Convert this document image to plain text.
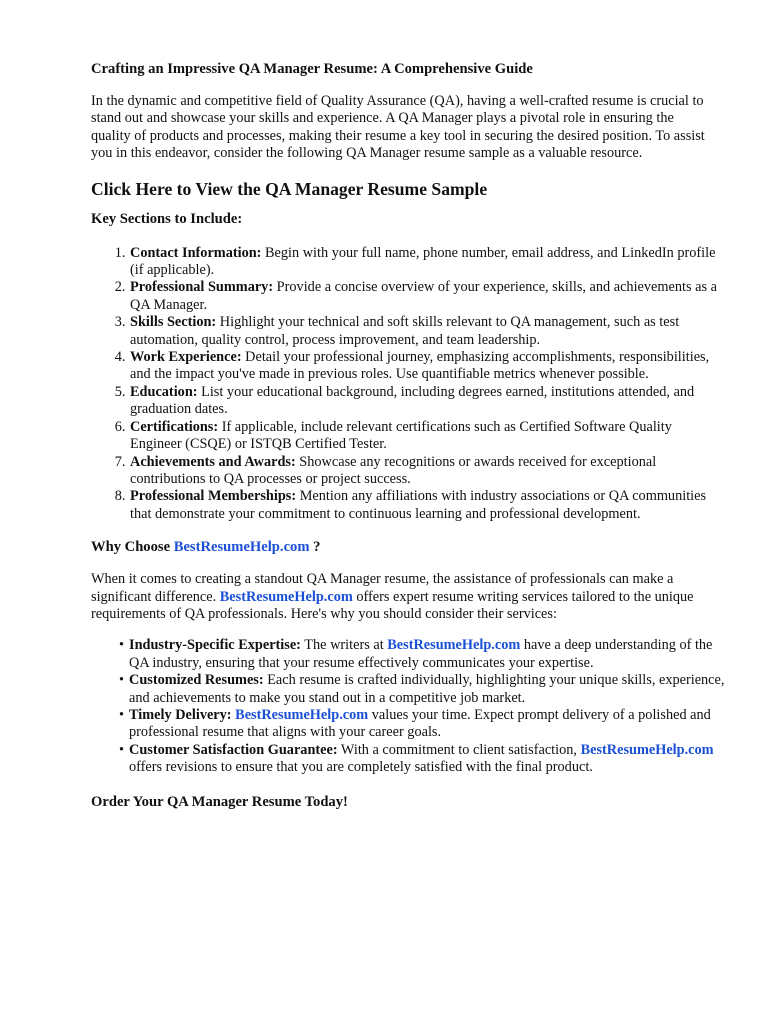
Crafting an Impressive QA Manager Resume: A Comprehensive Guide

In the dynamic and competitive field of Quality Assurance (QA), having a well-crafted resume is crucial to stand out and showcase your skills and experience. A QA Manager plays a pivotal role in ensuring the quality of products and processes, making their resume a key tool in securing the desired position. To assist you in this endeavor, consider the following QA Manager resume sample as a valuable resource.

Click Here to View the QA Manager Resume Sample

Key Sections to Include:

1. Contact Information: Begin with your full name, phone number, email address, and LinkedIn profile (if applicable).
2. Professional Summary: Provide a concise overview of your experience, skills, and achievements as a QA Manager.
3. Skills Section: Highlight your technical and soft skills relevant to QA management, such as test automation, quality control, process improvement, and team leadership.
4. Work Experience: Detail your professional journey, emphasizing accomplishments, responsibilities, and the impact you've made in previous roles. Use quantifiable metrics whenever possible.
5. Education: List your educational background, including degrees earned, institutions attended, and graduation dates.
6. Certifications: If applicable, include relevant certifications such as Certified Software Quality Engineer (CSQE) or ISTQB Certified Tester.
7. Achievements and Awards: Showcase any recognitions or awards received for exceptional contributions to QA processes or project success.
8. Professional Memberships: Mention any affiliations with industry associations or QA communities that demonstrate your commitment to continuous learning and professional development.

Why Choose BestResumeHelp.com ?

When it comes to creating a standout QA Manager resume, the assistance of professionals can make a significant difference. BestResumeHelp.com offers expert resume writing services tailored to the unique requirements of QA professionals. Here's why you should consider their services:

• Industry-Specific Expertise: The writers at BestResumeHelp.com have a deep understanding of the QA industry, ensuring that your resume effectively communicates your expertise.
• Customized Resumes: Each resume is crafted individually, highlighting your unique skills, experience, and achievements to make you stand out in a competitive job market.
• Timely Delivery: BestResumeHelp.com values your time. Expect prompt delivery of a polished and professional resume that aligns with your career goals.
• Customer Satisfaction Guarantee: With a commitment to client satisfaction, BestResumeHelp.com offers revisions to ensure that you are completely satisfied with the final product.

Order Your QA Manager Resume Today!
